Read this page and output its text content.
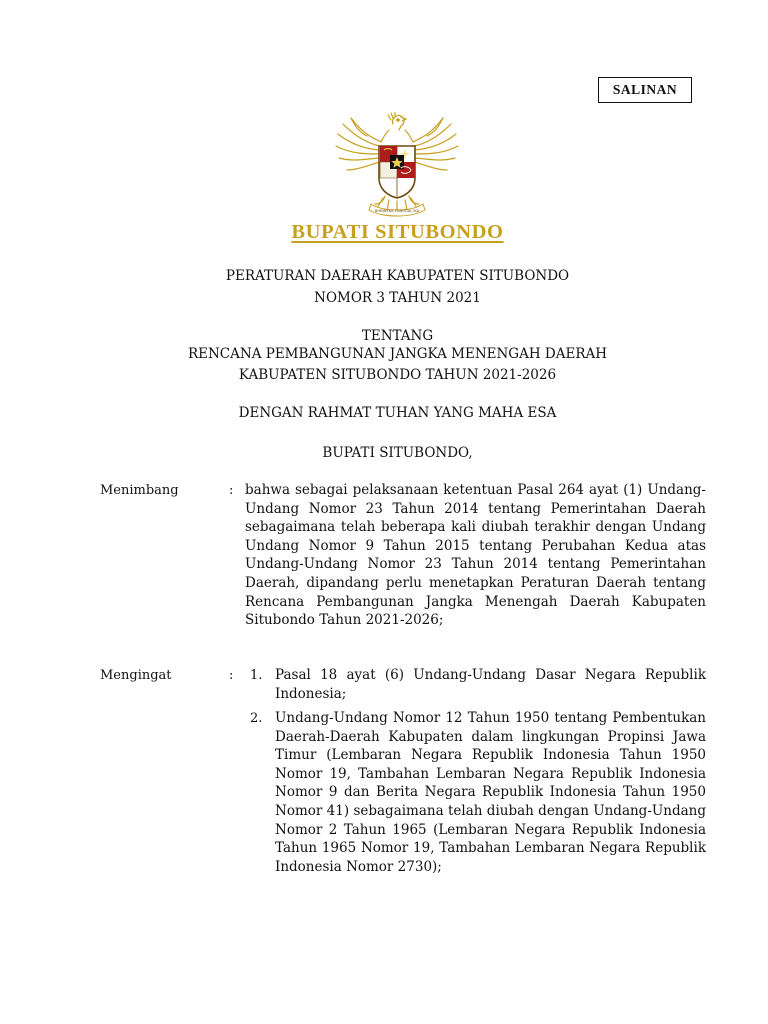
SALINAN
BHINNEKA TUNGGAL IKA
BUPATI SITUBONDO
PERATURAN DAERAH KABUPATEN SITUBONDO
NOMOR 3 TAHUN 2021
TENTANG
RENCANA PEMBANGUNAN JANGKA MENENGAH DAERAH
KABUPATEN SITUBONDO TAHUN 2021-2026
DENGAN RAHMAT TUHAN YANG MAHA ESA
BUPATI SITUBONDO,
Menimbang	: bahwa sebagai pelaksanaan ketentuan Pasal 264 ayat (1) Undang-Undang Nomor 23 Tahun 2014 tentang Pemerintahan Daerah sebagaimana telah beberapa kali diubah terakhir dengan Undang Undang Nomor 9 Tahun 2015 tentang Perubahan Kedua atas Undang-Undang Nomor 23 Tahun 2014 tentang Pemerintahan Daerah, dipandang perlu menetapkan Peraturan Daerah tentang Rencana Pembangunan Jangka Menengah Daerah Kabupaten Situbondo Tahun 2021-2026;

Mengingat	: 1. Pasal 18 ayat (6) Undang-Undang Dasar Negara Republik Indonesia;

2. Undang-Undang Nomor 12 Tahun 1950 tentang Pembentukan Daerah-Daerah Kabupaten dalam lingkungan Propinsi Jawa Timur (Lembaran Negara Republik Indonesia Tahun 1950 Nomor 19, Tambahan Lembaran Negara Republik Indonesia Nomor 9 dan Berita Negara Republik Indonesia Tahun 1950 Nomor 41) sebagaimana telah diubah dengan Undang-Undang Nomor 2 Tahun 1965 (Lembaran Negara Republik Indonesia Tahun 1965 Nomor 19, Tambahan Lembaran Negara Republik Indonesia Nomor 2730);
